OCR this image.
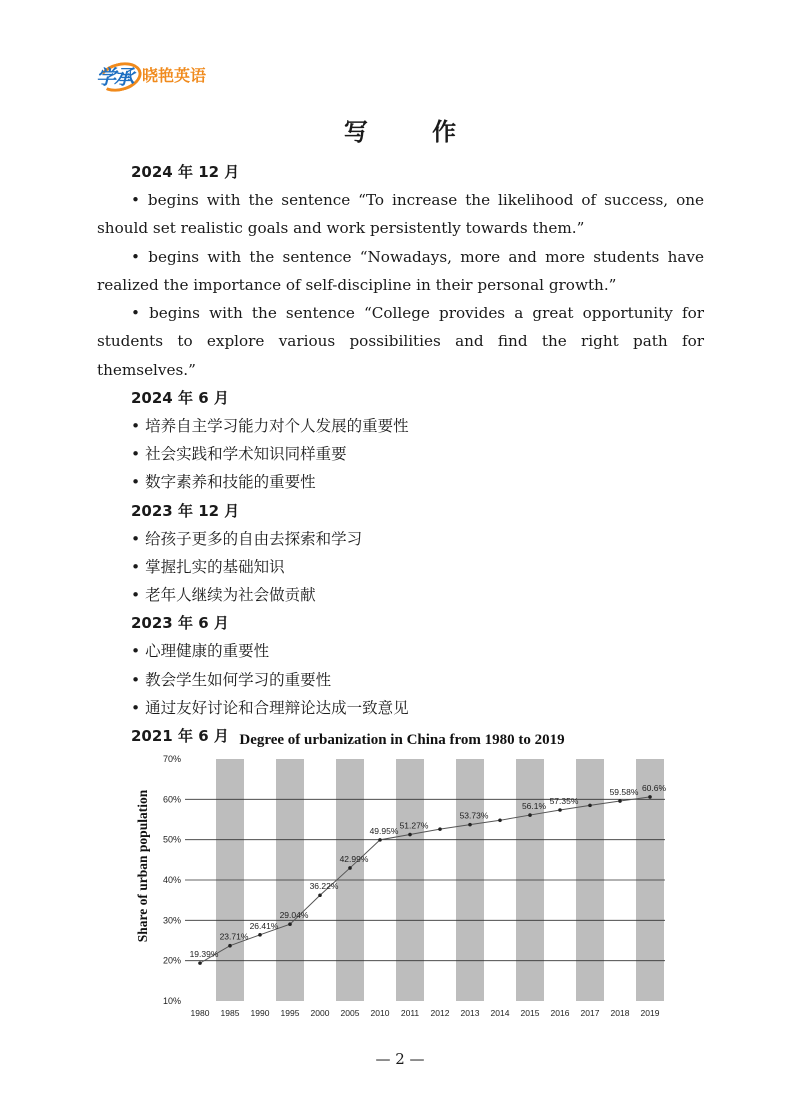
学承 晓艳英语
写 作
2024 年 12 月

• begins with the sentence “To increase the likelihood of success, one should set realistic goals and work persistently towards them.”

• begins with the sentence “Nowadays, more and more students have realized the importance of self-discipline in their personal growth.”

• begins with the sentence “College provides a great opportunity for students to explore various possibilities and find the right path for themselves.”

2024 年 6 月
• 培养自主学习能力对个人发展的重要性
• 社会实践和学术知识同样重要
• 数字素养和技能的重要性
2023 年 12 月
• 给孩子更多的自由去探索和学习
• 掌握扎实的基础知识
• 老年人继续为社会做贡献
2023 年 6 月
• 心理健康的重要性
• 教会学生如何学习的重要性
• 通过友好讨论和合理辩论达成一致意见
2021 年 6 月 Degree of urbanization in China from 1980 to 2019
Share of urban population
10%
20%
30%
40%
50%
60%
70%
1980 1985 1990 1995 2000 2005 2010 2011 2012 2013 2014 2015 2016 2017 2018 2019
19.39%
23.71%
26.41%
29.04%
36.22%
42.99%
49.95%
51.27%
53.73%
56.1%
57.35%
59.58% 60.6%
— 2 —
